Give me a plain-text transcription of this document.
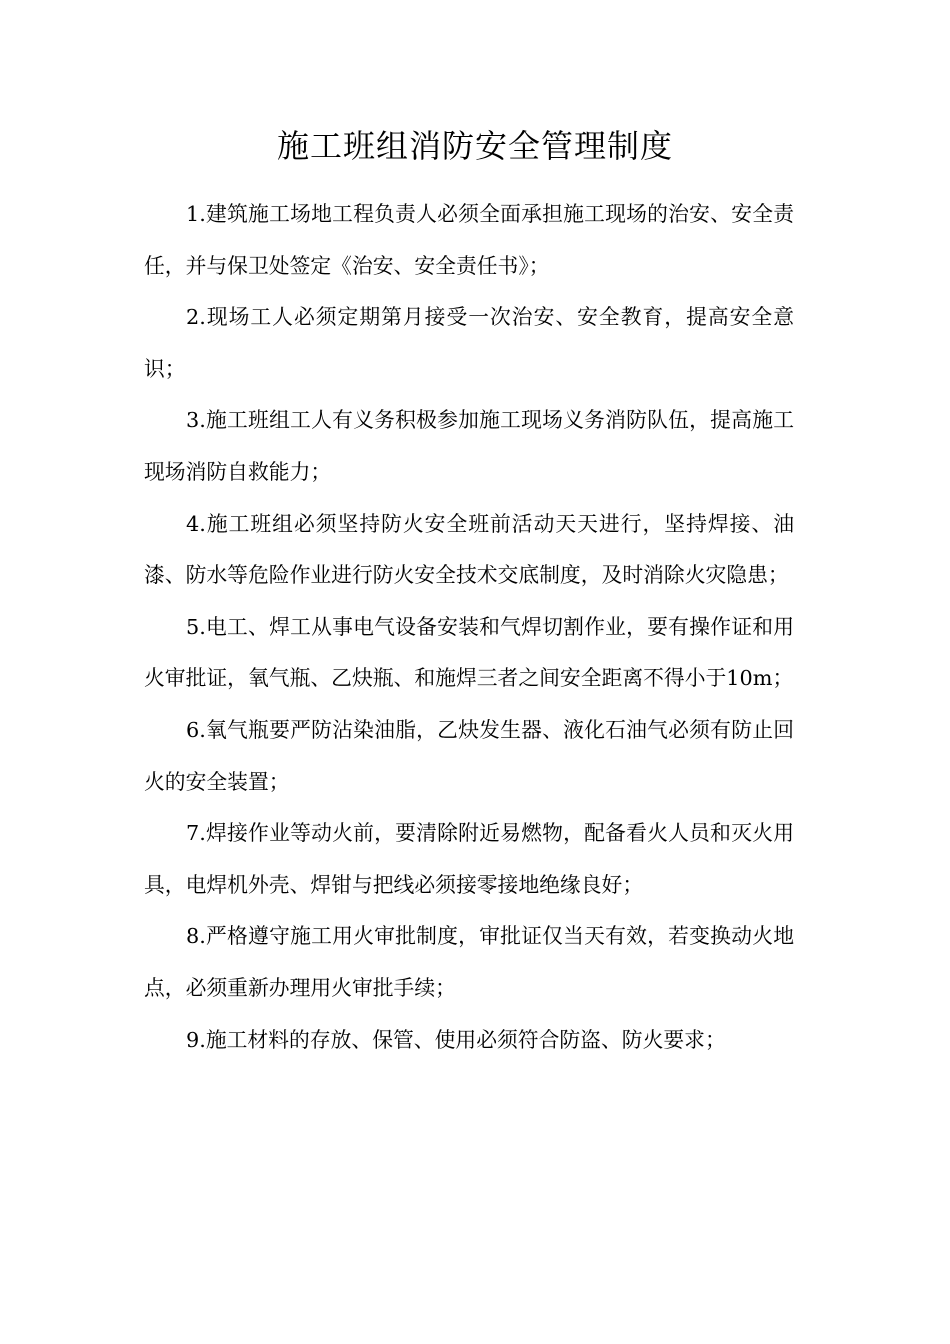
施工班组消防安全管理制度

1.建筑施工场地工程负责人必须全面承担施工现场的治安、安全责任，并与保卫处签定《治安、安全责任书》；

2.现场工人必须定期第月接受一次治安、安全教育，提高安全意识；

3.施工班组工人有义务积极参加施工现场义务消防队伍，提高施工现场消防自救能力；

4.施工班组必须坚持防火安全班前活动天天进行，坚持焊接、油漆、防水等危险作业进行防火安全技术交底制度，及时消除火灾隐患；

5.电工、焊工从事电气设备安装和气焊切割作业，要有操作证和用火审批证，氧气瓶、乙炔瓶、和施焊三者之间安全距离不得小于10m；

6.氧气瓶要严防沾染油脂，乙炔发生器、液化石油气必须有防止回火的安全装置；

7.焊接作业等动火前，要清除附近易燃物，配备看火人员和灭火用具，电焊机外壳、焊钳与把线必须接零接地绝缘良好；

8.严格遵守施工用火审批制度，审批证仅当天有效，若变换动火地点，必须重新办理用火审批手续；

9.施工材料的存放、保管、使用必须符合防盗、防火要求；
